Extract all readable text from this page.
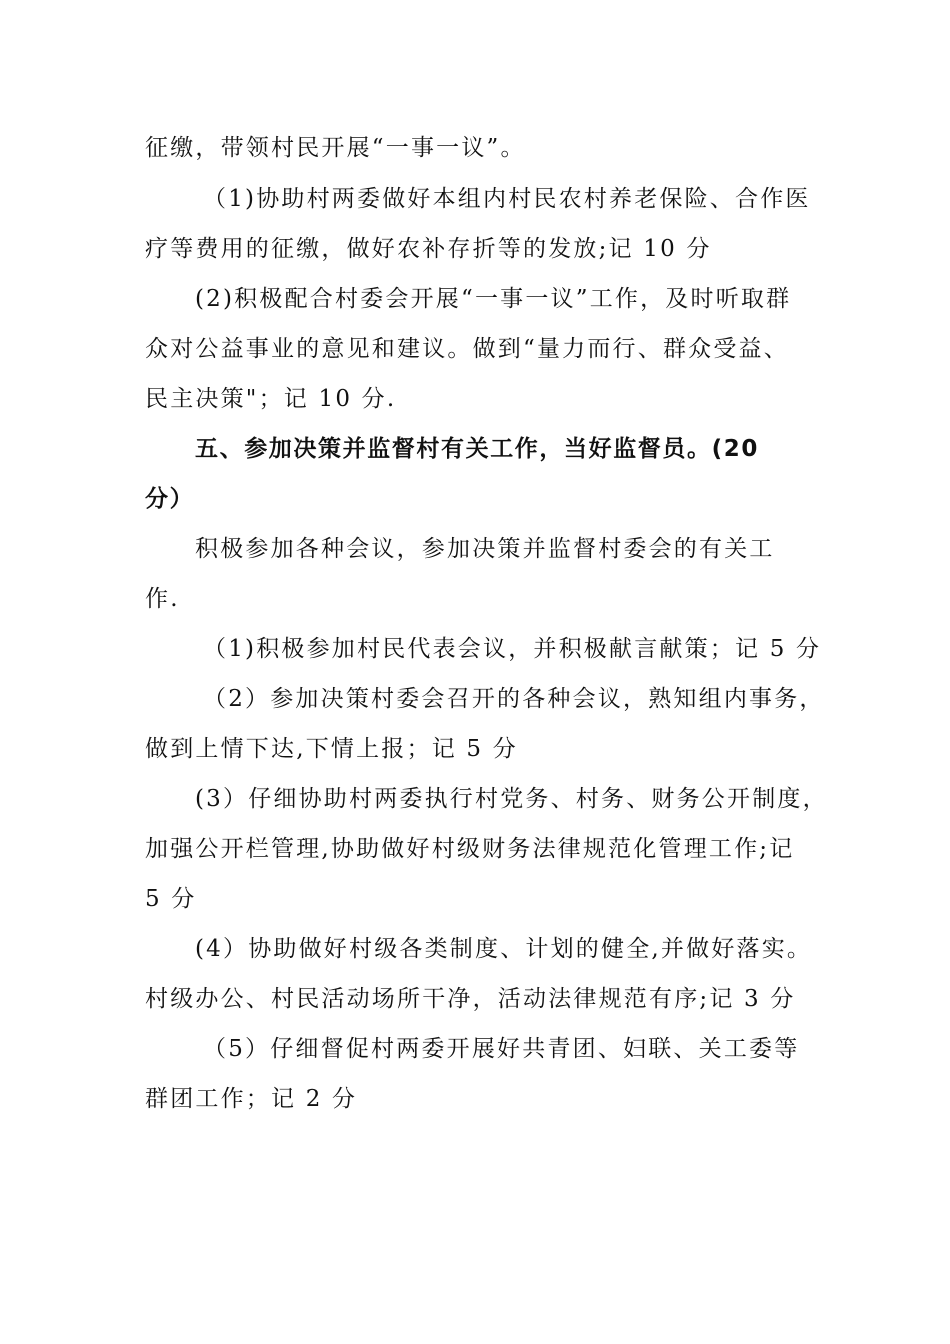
征缴，带领村民开展“一事一议”。
（1)协助村两委做好本组内村民农村养老保险、合作医
疗等费用的征缴，做好农补存折等的发放;记 10 分
(2)积极配合村委会开展“一事一议”工作，及时听取群
众对公益事业的意见和建议。做到“量力而行、群众受益、
民主决策"；记 10 分.
五、参加决策并监督村有关工作，当好监督员。(20
分）
积极参加各种会议，参加决策并监督村委会的有关工
作.
（1)积极参加村民代表会议，并积极献言献策；记 5 分
（2）参加决策村委会召开的各种会议，熟知组内事务，
做到上情下达,下情上报；记 5 分
(3）仔细协助村两委执行村党务、村务、财务公开制度，
加强公开栏管理,协助做好村级财务法律规范化管理工作;记
5 分
(4）协助做好村级各类制度、计划的健全,并做好落实。
村级办公、村民活动场所干净，活动法律规范有序;记 3 分
（5）仔细督促村两委开展好共青团、妇联、关工委等
群团工作；记 2 分
